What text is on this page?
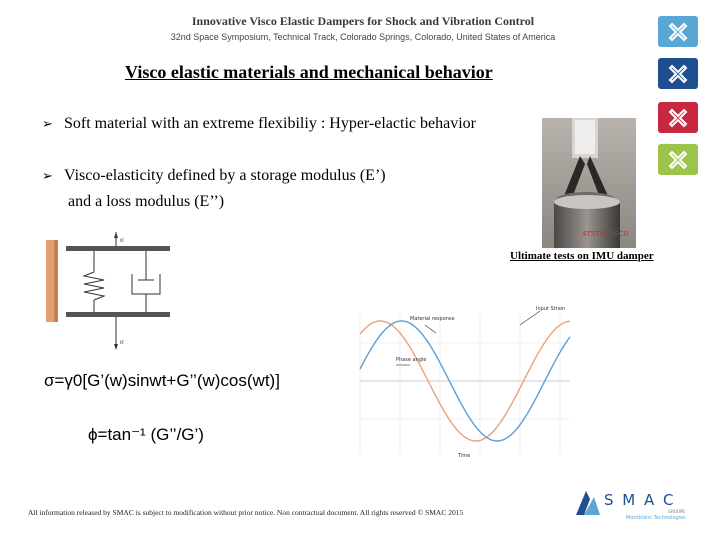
Innovative Visco Elastic Dampers for Shock and Vibration Control
32nd Space Symposium, Technical Track, Colorado Springs, Colorado, United States of America
Visco elastic materials and mechanical behavior
➢ Soft material with an extreme flexibiliy : Hyper-elactic behavior
➢ Visco-elasticity defined by a storage modulus (E’)
and a loss modulus (E’’)
4T5TOC3EC0
Ultimate tests on IMU damper
σ
σ
σ=γ0[G’(w)sinwt+G’’(w)cos(wt)]
ϕ=tan⁻¹ (G’’/G’)
Material response
Input Strain
Phase angle
Time
All information released by SMAC is subject to modification without prior notice. Non contractual document. All rights reserved © SMAC 2015
S M A C
GROUPE
Montblanc Technologies
